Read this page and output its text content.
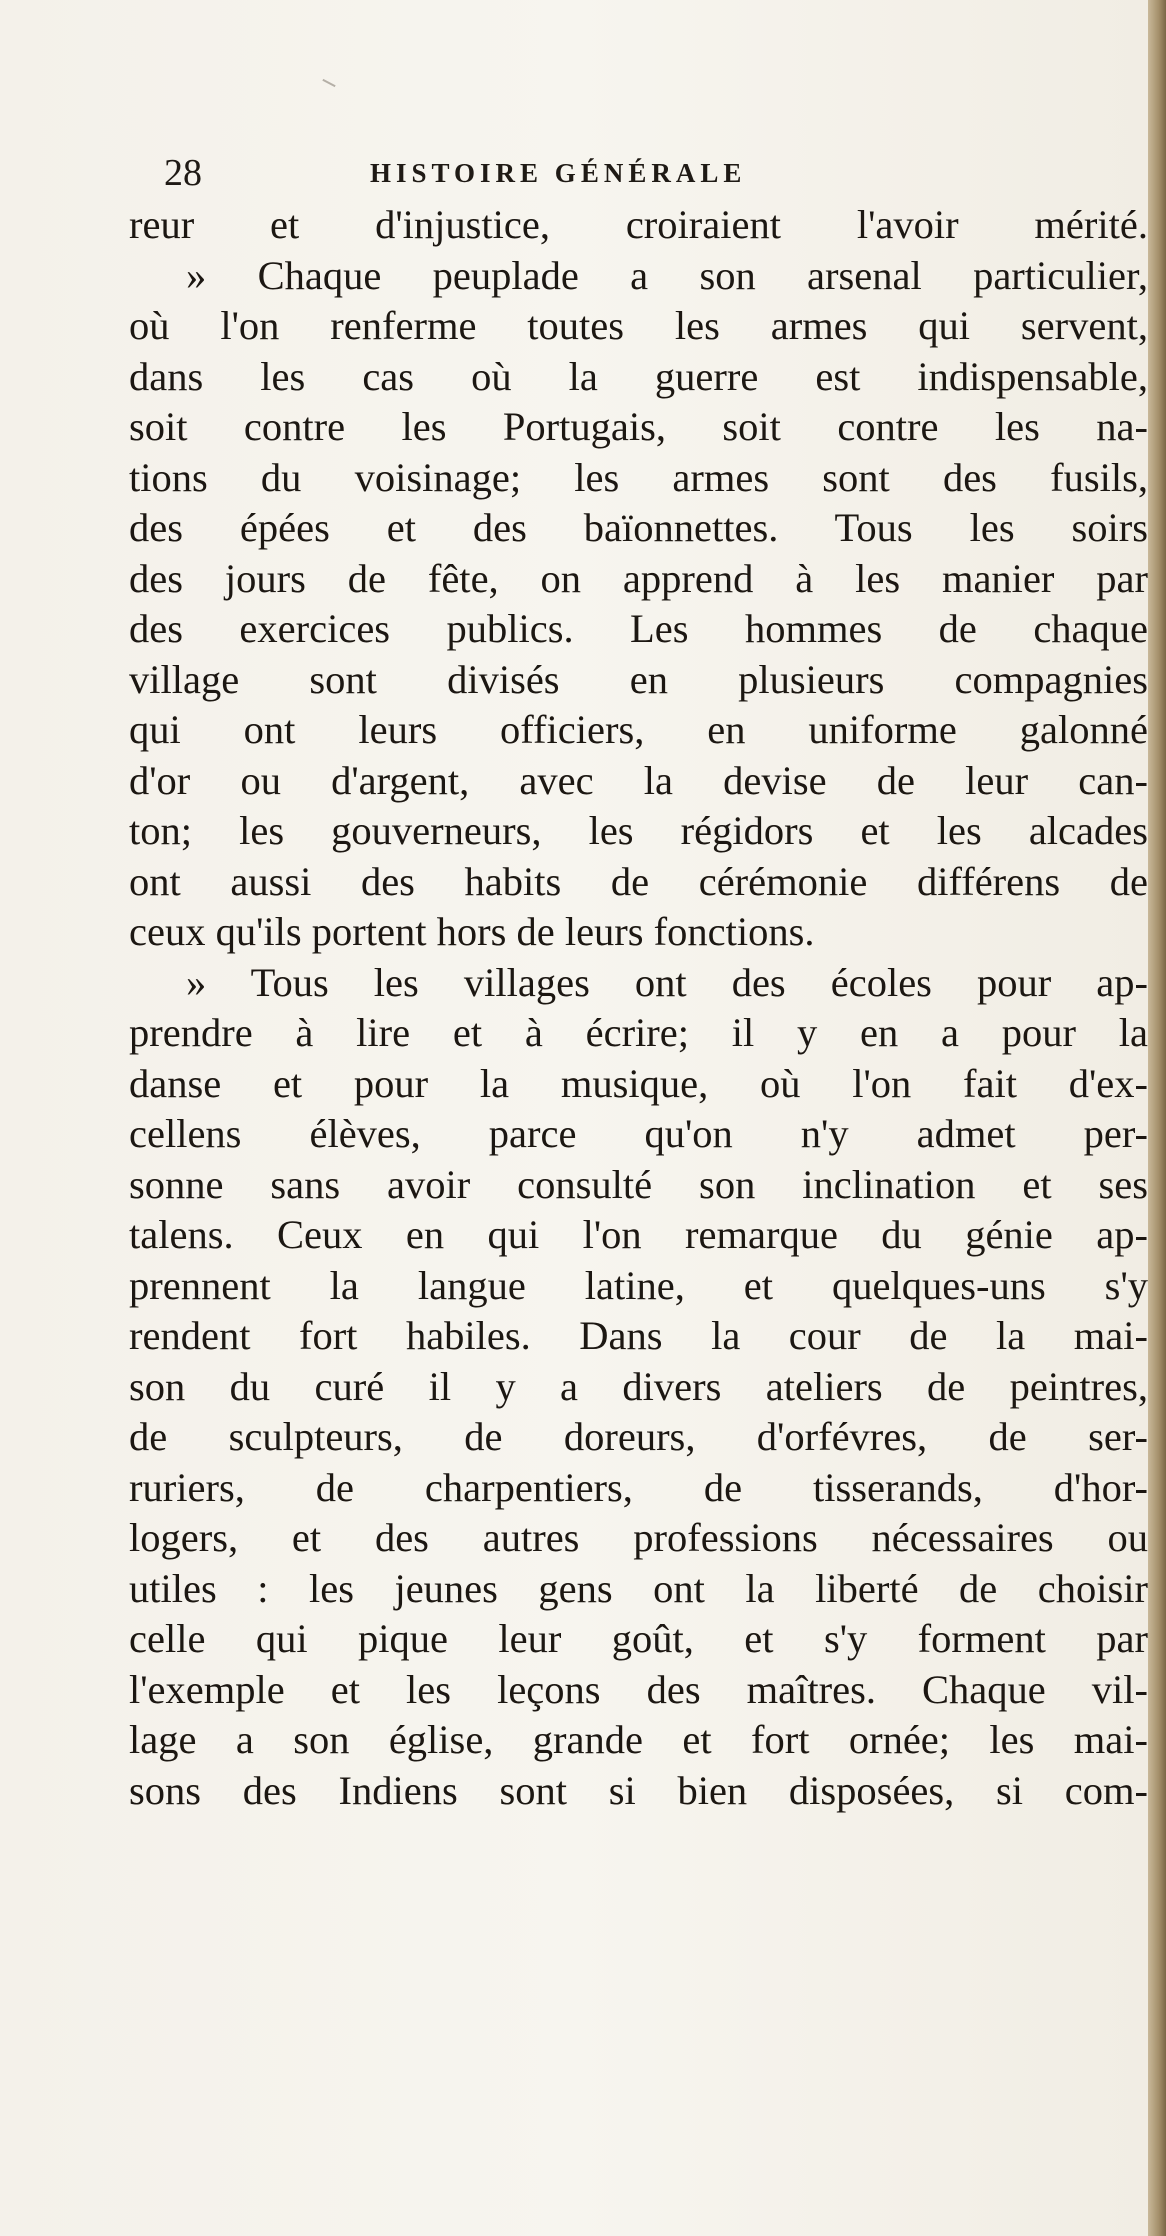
28	HISTOIRE GÉNÉRALE
reur et d'injustice, croiraient l'avoir mérité.
» Chaque peuplade a son arsenal particulier,
où l'on renferme toutes les armes qui servent,
dans les cas où la guerre est indispensable,
soit contre les Portugais, soit contre les na-
tions du voisinage; les armes sont des fusils,
des épées et des baïonnettes. Tous les soirs
des jours de fête, on apprend à les manier par
des exercices publics. Les hommes de chaque
village sont divisés en plusieurs compagnies
qui ont leurs officiers, en uniforme galonné
d'or ou d'argent, avec la devise de leur can-
ton; les gouverneurs, les régidors et les alcades
ont aussi des habits de cérémonie différens de
ceux qu'ils portent hors de leurs fonctions.
» Tous les villages ont des écoles pour ap-
prendre à lire et à écrire; il y en a pour la
danse et pour la musique, où l'on fait d'ex-
cellens élèves, parce qu'on n'y admet per-
sonne sans avoir consulté son inclination et ses
talens. Ceux en qui l'on remarque du génie ap-
prennent la langue latine, et quelques-uns s'y
rendent fort habiles. Dans la cour de la mai-
son du curé il y a divers ateliers de peintres,
de sculpteurs, de doreurs, d'orfévres, de ser-
ruriers, de charpentiers, de tisserands, d'hor-
logers, et des autres professions nécessaires ou
utiles : les jeunes gens ont la liberté de choisir
celle qui pique leur goût, et s'y forment par
l'exemple et les leçons des maîtres. Chaque vil-
lage a son église, grande et fort ornée; les mai-
sons des Indiens sont si bien disposées, si com-
